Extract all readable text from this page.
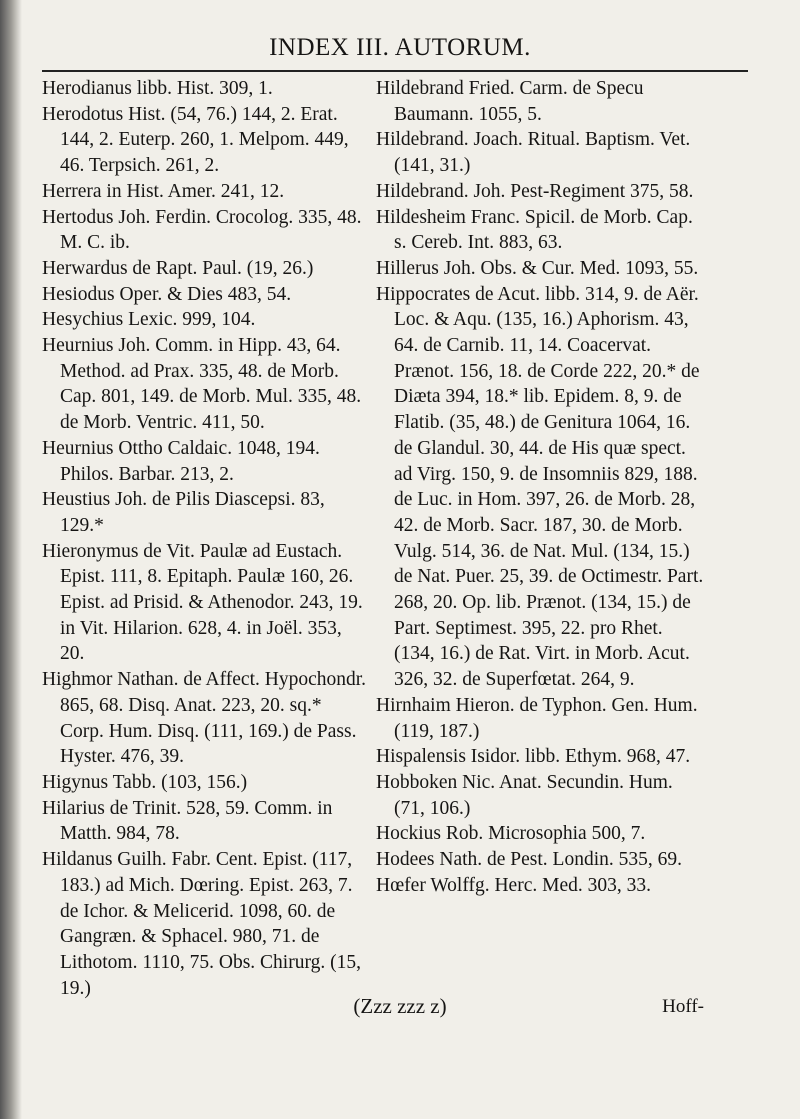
INDEX III. AUTORUM.

Herodianus libb. Hist. 309, 1.

Herodotus Hist. (54, 76.) 144, 2. Erat. 144, 2. Euterp. 260, 1. Melpom. 449, 46. Terpsich. 261, 2.

Herrera in Hist. Amer. 241, 12.

Hertodus Joh. Ferdin. Crocolog. 335, 48. M. C. ib.

Herwardus de Rapt. Paul. (19, 26.)

Hesiodus Oper. & Dies 483, 54.

Hesychius Lexic. 999, 104.

Heurnius Joh. Comm. in Hipp. 43, 64. Method. ad Prax. 335, 48. de Morb. Cap. 801, 149. de Morb. Mul. 335, 48. de Morb. Ventric. 411, 50.

Heurnius Ottho Caldaic. 1048, 194. Philos. Barbar. 213, 2.

Heustius Joh. de Pilis Diascepsi. 83, 129.*

Hieronymus de Vit. Paulæ ad Eustach. Epist. 111, 8. Epitaph. Paulæ 160, 26. Epist. ad Prisid. & Athenodor. 243, 19. in Vit. Hilarion. 628, 4. in Joël. 353, 20.

Highmor Nathan. de Affect. Hypochondr. 865, 68. Disq. Anat. 223, 20. sq.* Corp. Hum. Disq. (111, 169.) de Pass. Hyster. 476, 39.

Higynus Tabb. (103, 156.)

Hilarius de Trinit. 528, 59. Comm. in Matth. 984, 78.

Hildanus Guilh. Fabr. Cent. Epist. (117, 183.) ad Mich. Dœring. Epist. 263, 7. de Ichor. & Melicerid. 1098, 60. de Gangræn. & Sphacel. 980, 71. de Lithotom. 1110, 75. Obs. Chirurg. (15, 19.)

Hildebrand Fried. Carm. de Specu Baumann. 1055, 5.

Hildebrand. Joach. Ritual. Baptism. Vet. (141, 31.)

Hildebrand. Joh. Pest-Regiment 375, 58.

Hildesheim Franc. Spicil. de Morb. Cap. s. Cereb. Int. 883, 63.

Hillerus Joh. Obs. & Cur. Med. 1093, 55.

Hippocrates de Acut. libb. 314, 9. de Aër. Loc. & Aqu. (135, 16.) Aphorism. 43, 64. de Carnib. 11, 14. Coacervat. Prænot. 156, 18. de Corde 222, 20.* de Diæta 394, 18.* lib. Epidem. 8, 9. de Flatib. (35, 48.) de Genitura 1064, 16. de Glandul. 30, 44. de His quæ spect. ad Virg. 150, 9. de Insomniis 829, 188. de Luc. in Hom. 397, 26. de Morb. 28, 42. de Morb. Sacr. 187, 30. de Morb. Vulg. 514, 36. de Nat. Mul. (134, 15.) de Nat. Puer. 25, 39. de Octimestr. Part. 268, 20. Op. lib. Prænot. (134, 15.) de Part. Septimest. 395, 22. pro Rhet. (134, 16.) de Rat. Virt. in Morb. Acut. 326, 32. de Superfœtat. 264, 9.

Hirnhaim Hieron. de Typhon. Gen. Hum. (119, 187.)

Hispalensis Isidor. libb. Ethym. 968, 47.

Hobboken Nic. Anat. Secundin. Hum. (71, 106.)

Hockius Rob. Microsophia 500, 7.

Hodees Nath. de Pest. Londin. 535, 69.

Hœfer Wolffg. Herc. Med. 303, 33.

(Zzz zzz z)	Hoff-
